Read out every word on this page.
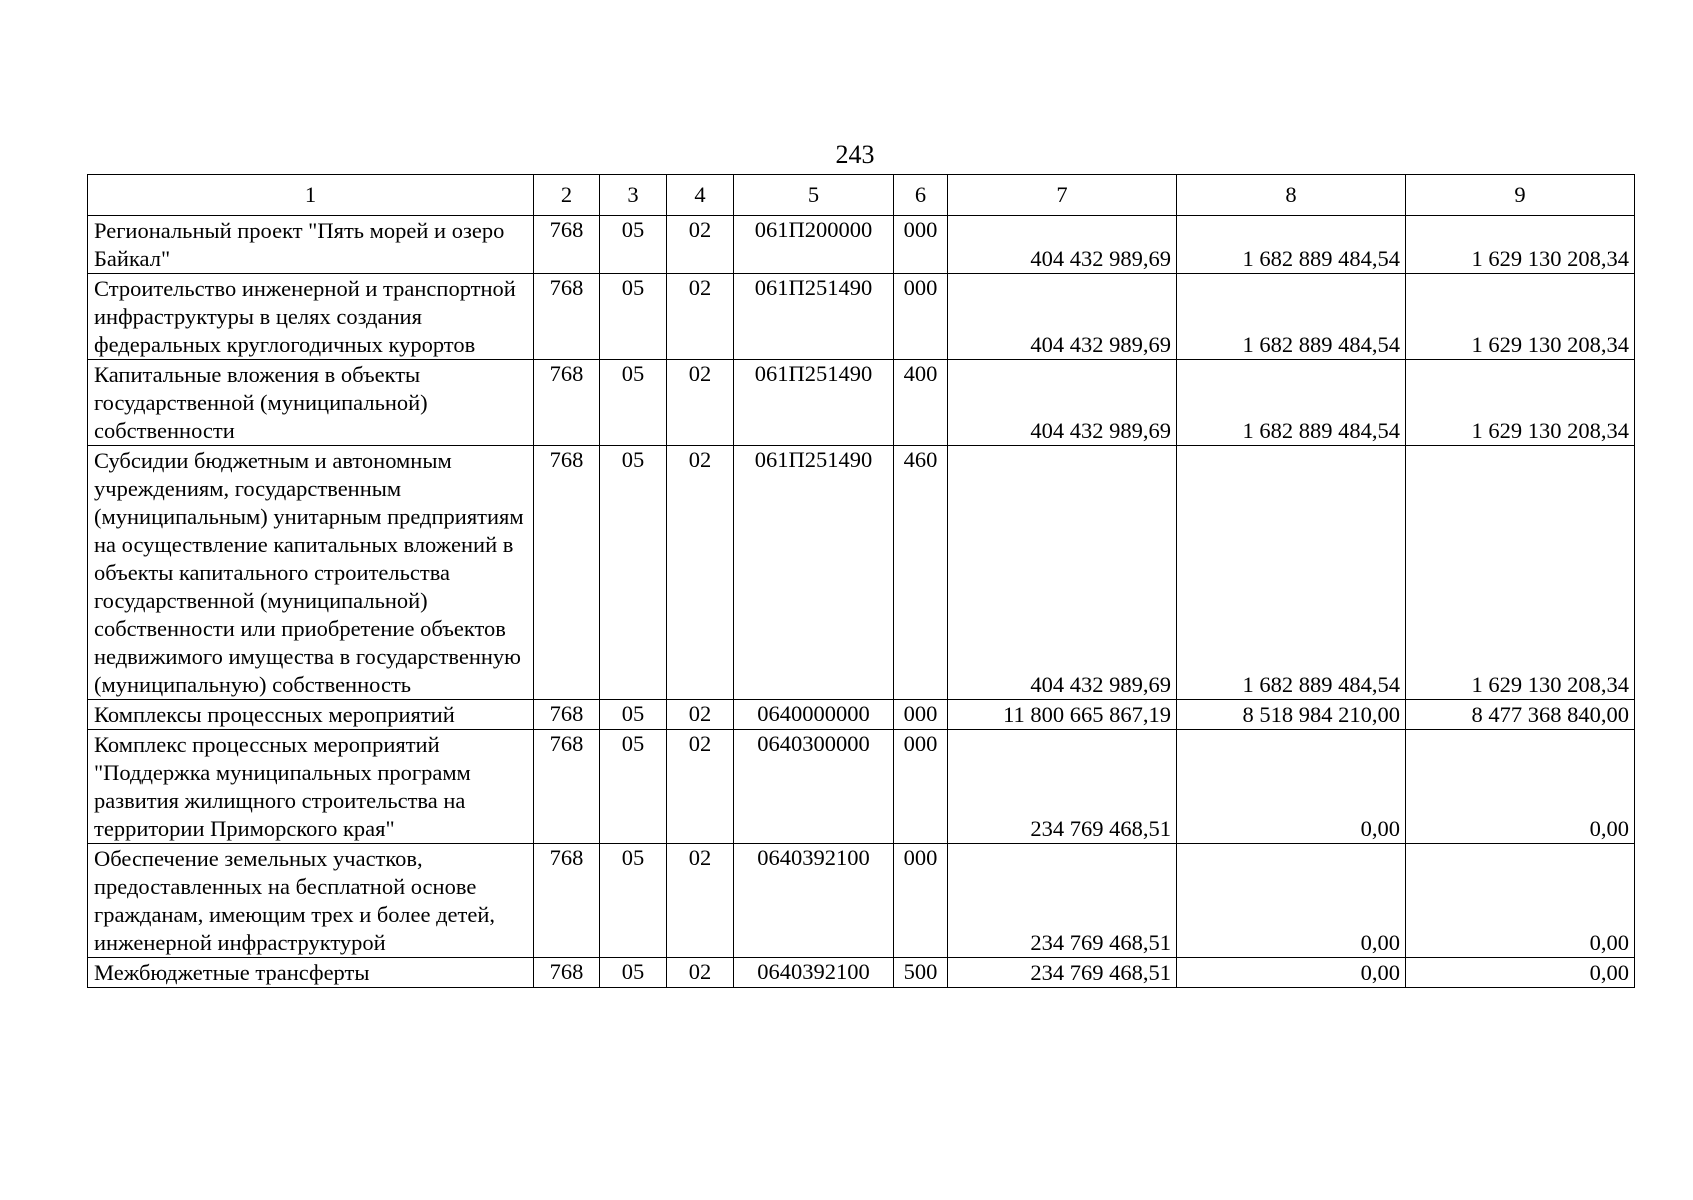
243
1	2	3	4	5	6	7	8	9
Региональный проект "Пять морей и озеро Байкал"	768	05	02	061П200000	000	404 432 989,69	1 682 889 484,54	1 629 130 208,34
Строительство инженерной и транспортной инфраструктуры в целях создания федеральных круглогодичных курортов	768	05	02	061П251490	000	404 432 989,69	1 682 889 484,54	1 629 130 208,34
Капитальные вложения в объекты государственной (муниципальной) собственности	768	05	02	061П251490	400	404 432 989,69	1 682 889 484,54	1 629 130 208,34
Субсидии бюджетным и автономным учреждениям, государственным (муниципальным) унитарным предприятиям на осуществление капитальных вложений в объекты капитального строительства государственной (муниципальной) собственности или приобретение объектов недвижимого имущества в государственную (муниципальную) собственность	768	05	02	061П251490	460	404 432 989,69	1 682 889 484,54	1 629 130 208,34
Комплексы процессных мероприятий	768	05	02	0640000000	000	11 800 665 867,19	8 518 984 210,00	8 477 368 840,00
Комплекс процессных мероприятий "Поддержка муниципальных программ развития жилищного строительства на территории Приморского края"	768	05	02	0640300000	000	234 769 468,51	0,00	0,00
Обеспечение земельных участков, предоставленных на бесплатной основе гражданам, имеющим трех и более детей, инженерной инфраструктурой	768	05	02	0640392100	000	234 769 468,51	0,00	0,00
Межбюджетные трансферты	768	05	02	0640392100	500	234 769 468,51	0,00	0,00
